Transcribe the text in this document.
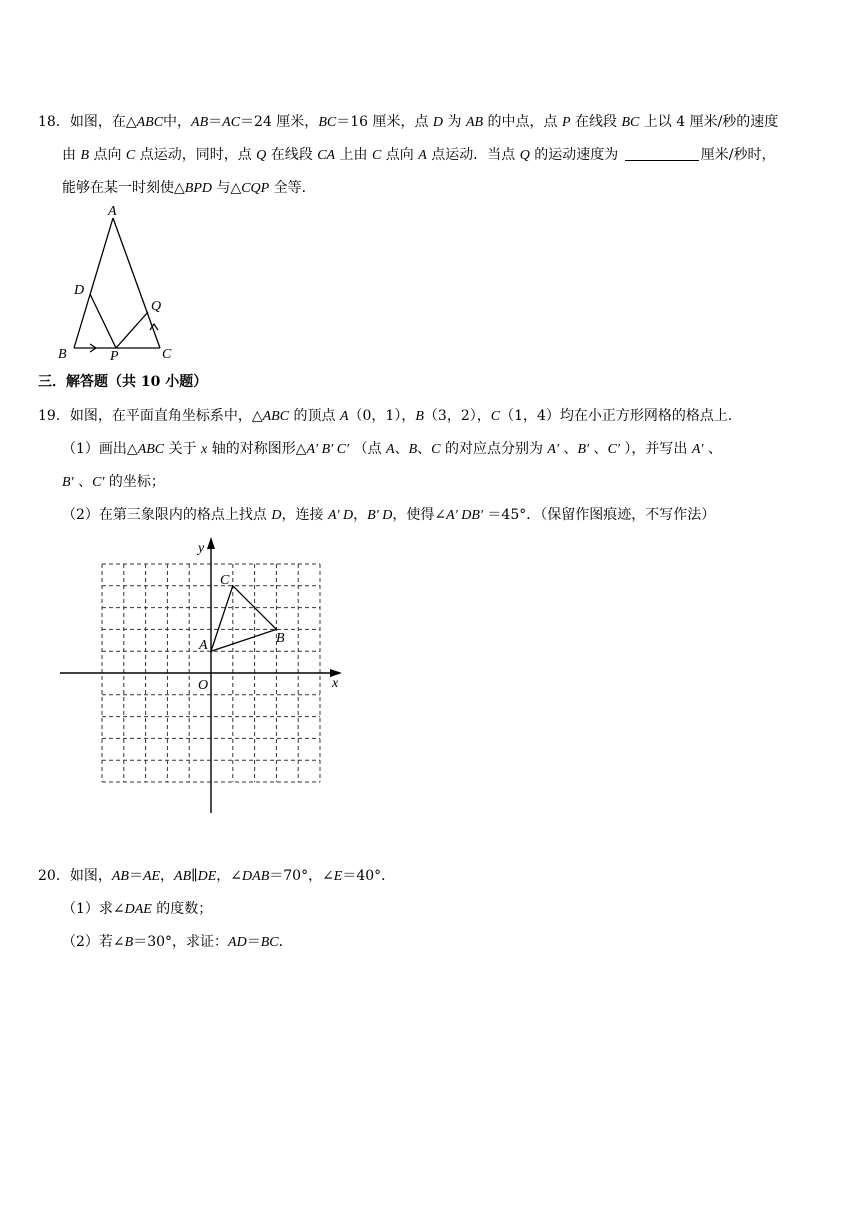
18．如图，在△ABC中，AB＝AC＝24 厘米，BC＝16 厘米，点 D 为 AB 的中点，点 P 在线段 BC 上以 4 厘米/秒的速度
由 B 点向 C 点运动，同时，点 Q 在线段 CA 上由 C 点向 A 点运动．当点 Q 的运动速度为	厘米/秒时，
能够在某一时刻使△BPD 与△CQP 全等．
A
D
Q
B	P	C
三．解答题（共 10 小题）
19．如图，在平面直角坐标系中，△ABC 的顶点 A（0，1），B（3，2），C（1，4）均在小正方形网格的格点上．
（1）画出△ABC 关于 x 轴的对称图形△A′ B′ C′ （点 A、B、C 的对应点分别为 A′ 、B′ 、C′ ），并写出 A′ 、
B′ 、C′ 的坐标；
（2）在第三象限内的格点上找点 D，连接 A′ D，B′ D，使得∠A′ DB′ ＝45°．（保留作图痕迹，不写作法）
y
x
O
A	B
C
20．如图，AB＝AE，AB∥DE，∠DAB＝70°，∠E＝40°．
（1）求∠DAE 的度数；
（2）若∠B＝30°，求证：AD＝BC．
